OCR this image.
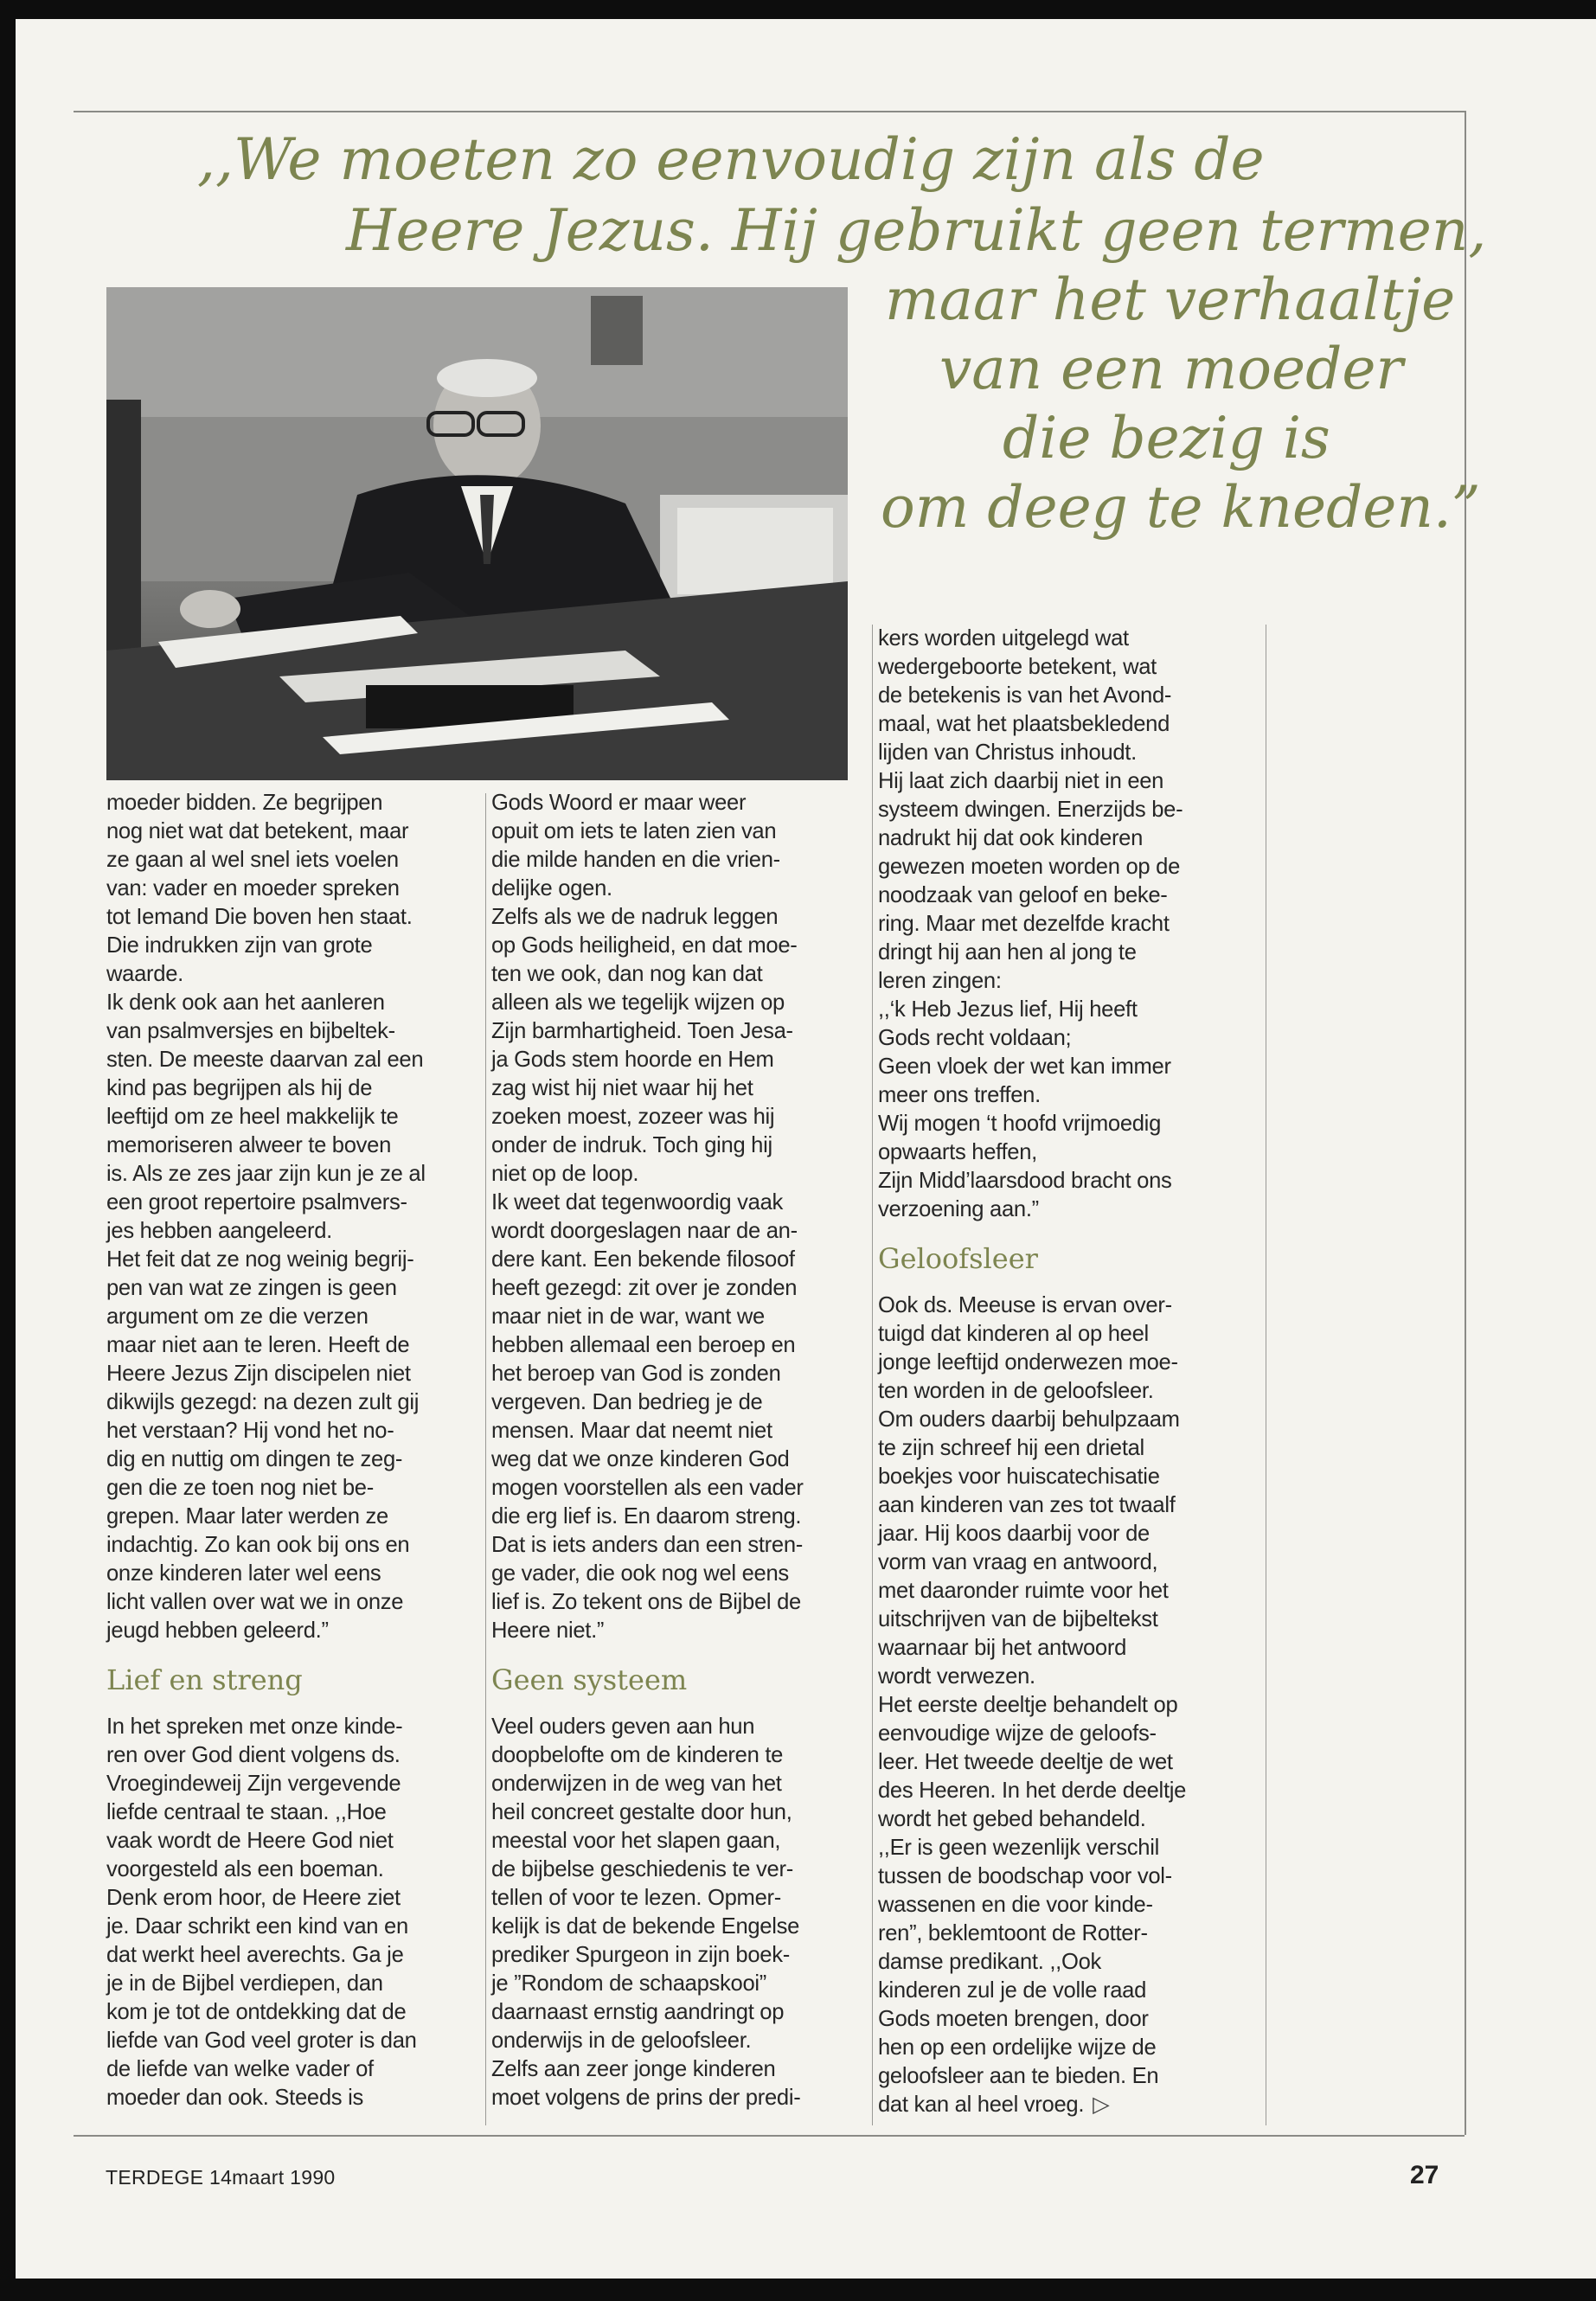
,,We moeten zo eenvoudig zijn als de

Heere Jezus. Hij gebruikt geen termen,

maar het verhaaltje

van een moeder

die bezig is

om deeg te kneden.”

moeder bidden. Ze begrijpen

nog niet wat dat betekent, maar

ze gaan al wel snel iets voelen

van: vader en moeder spreken

tot Iemand Die boven hen staat.

Die indrukken zijn van grote

waarde.

Ik denk ook aan het aanleren

van psalmversjes en bijbeltek-

sten. De meeste daarvan zal een

kind pas begrijpen als hij de

leeftijd om ze heel makkelijk te

memoriseren alweer te boven

is. Als ze zes jaar zijn kun je ze al

een groot repertoire psalmvers-

jes hebben aangeleerd.

Het feit dat ze nog weinig begrij-

pen van wat ze zingen is geen

argument om ze die verzen

maar niet aan te leren. Heeft de

Heere Jezus Zijn discipelen niet

dikwijls gezegd: na dezen zult gij

het verstaan? Hij vond het no-

dig en nuttig om dingen te zeg-

gen die ze toen nog niet be-

grepen. Maar later werden ze

indachtig. Zo kan ook bij ons en

onze kinderen later wel eens

licht vallen over wat we in onze

jeugd hebben geleerd.”

Lief en streng

In het spreken met onze kinde-

ren over God dient volgens ds.

Vroegindeweij Zijn vergevende

liefde centraal te staan. ,,Hoe

vaak wordt de Heere God niet

voorgesteld als een boeman.

Denk erom hoor, de Heere ziet

je. Daar schrikt een kind van en

dat werkt heel averechts. Ga je

je in de Bijbel verdiepen, dan

kom je tot de ontdekking dat de

liefde van God veel groter is dan

de liefde van welke vader of

moeder dan ook. Steeds is

Gods Woord er maar weer

opuit om iets te laten zien van

die milde handen en die vrien-

delijke ogen.

Zelfs als we de nadruk leggen

op Gods heiligheid, en dat moe-

ten we ook, dan nog kan dat

alleen als we tegelijk wijzen op

Zijn barmhartigheid. Toen Jesa-

ja Gods stem hoorde en Hem

zag wist hij niet waar hij het

zoeken moest, zozeer was hij

onder de indruk. Toch ging hij

niet op de loop.

Ik weet dat tegenwoordig vaak

wordt doorgeslagen naar de an-

dere kant. Een bekende filosoof

heeft gezegd: zit over je zonden

maar niet in de war, want we

hebben allemaal een beroep en

het beroep van God is zonden

vergeven. Dan bedrieg je de

mensen. Maar dat neemt niet

weg dat we onze kinderen God

mogen voorstellen als een vader

die erg lief is. En daarom streng.

Dat is iets anders dan een stren-

ge vader, die ook nog wel eens

lief is. Zo tekent ons de Bijbel de

Heere niet.”

Geen systeem

Veel ouders geven aan hun

doopbelofte om de kinderen te

onderwijzen in de weg van het

heil concreet gestalte door hun,

meestal voor het slapen gaan,

de bijbelse geschiedenis te ver-

tellen of voor te lezen. Opmer-

kelijk is dat de bekende Engelse

prediker Spurgeon in zijn boek-

je ”Rondom de schaapskooi”

daarnaast ernstig aandringt op

onderwijs in de geloofsleer.

Zelfs aan zeer jonge kinderen

moet volgens de prins der predi-

kers worden uitgelegd wat

wedergeboorte betekent, wat

de betekenis is van het Avond-

maal, wat het plaatsbekledend

lijden van Christus inhoudt.

Hij laat zich daarbij niet in een

systeem dwingen. Enerzijds be-

nadrukt hij dat ook kinderen

gewezen moeten worden op de

noodzaak van geloof en beke-

ring. Maar met dezelfde kracht

dringt hij aan hen al jong te

leren zingen:

,,‘k Heb Jezus lief, Hij heeft

Gods recht voldaan;

Geen vloek der wet kan immer

meer ons treffen.

Wij mogen ‘t hoofd vrijmoedig

opwaarts heffen,

Zijn Midd’laarsdood bracht ons

verzoening aan.”

Geloofsleer

Ook ds. Meeuse is ervan over-

tuigd dat kinderen al op heel

jonge leeftijd onderwezen moe-

ten worden in de geloofsleer.

Om ouders daarbij behulpzaam

te zijn schreef hij een drietal

boekjes voor huiscatechisatie

aan kinderen van zes tot twaalf

jaar. Hij koos daarbij voor de

vorm van vraag en antwoord,

met daaronder ruimte voor het

uitschrijven van de bijbeltekst

waarnaar bij het antwoord

wordt verwezen.

Het eerste deeltje behandelt op

eenvoudige wijze de geloofs-

leer. Het tweede deeltje de wet

des Heeren. In het derde deeltje

wordt het gebed behandeld.

,,Er is geen wezenlijk verschil

tussen de boodschap voor vol-

wassenen en die voor kinde-

ren”, beklemtoont de Rotter-

damse predikant. ,,Ook

kinderen zul je de volle raad

Gods moeten brengen, door

hen op een ordelijke wijze de

geloofsleer aan te bieden. En

dat kan al heel vroeg. ▷

TERDEGE 14maart 1990	27
